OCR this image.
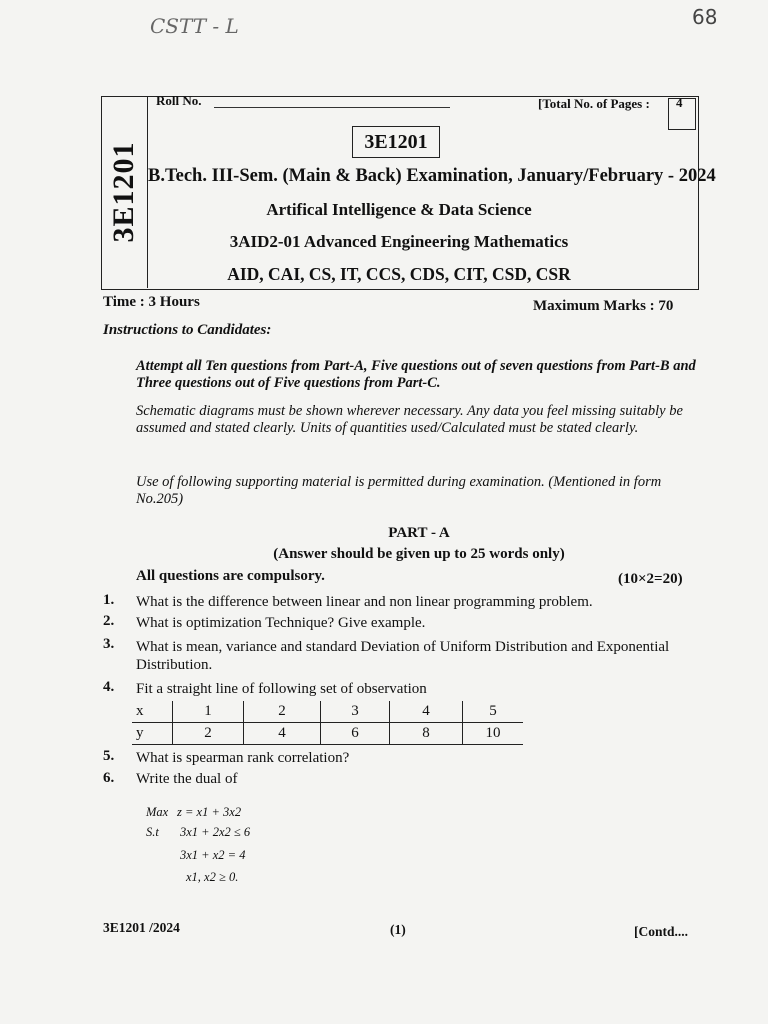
CSTT - L	68
3E1201
Roll No.	[Total No. of Pages : 4
3E1201
B.Tech. III-Sem. (Main & Back) Examination, January/February - 2024
Artifical Intelligence & Data Science
3AID2-01 Advanced Engineering Mathematics
AID, CAI, CS, IT, CCS, CDS, CIT, CSD, CSR
Time : 3 Hours	Maximum Marks : 70
Instructions to Candidates:
Attempt all Ten questions from Part-A, Five questions out of seven questions from Part-B and Three questions out of Five questions from Part-C.
Schematic diagrams must be shown wherever necessary. Any data you feel missing suitably be assumed and stated clearly. Units of quantities used/Calculated must be stated clearly.
Use of following supporting material is permitted during examination. (Mentioned in form No.205)
PART - A
(Answer should be given up to 25 words only)
All questions are compulsory.	(10×2=20)
1. What is the difference between linear and non linear programming problem.
2. What is optimization Technique? Give example.
3. What is mean, variance and standard Deviation of Uniform Distribution and Exponential Distribution.
4. Fit a straight line of following set of observation
x	1	2	3	4	5
y	2	4	6	8	10
5. What is spearman rank correlation?
6. Write the dual of
Max z = x1 + 3x2
S.t 3x1 + 2x2 ≤ 6
3x1 + x2 = 4
x1, x2 ≥ 0.
3E1201 /2024	(1)	[Contd....
